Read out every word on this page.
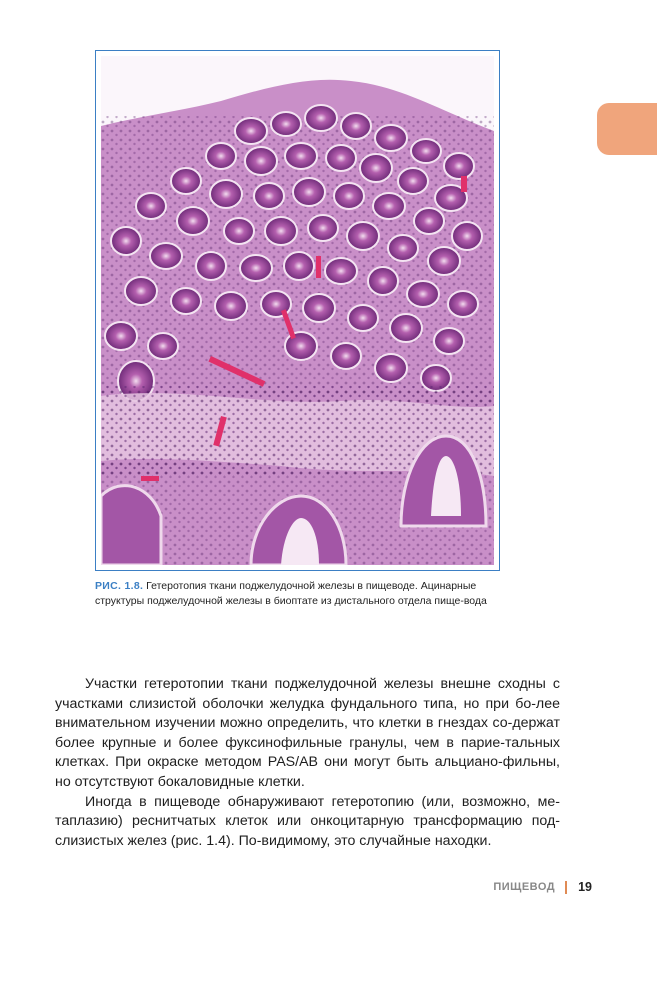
РИС. 1.8. Гетеротопия ткани поджелудочной железы в пищеводе. Ацинарные структуры поджелудочной железы в биоптате из дистального отдела пище-вода

Участки гетеротопии ткани поджелудочной железы внешне сходны с участками слизистой оболочки желудка фундального типа, но при бо-лее внимательном изучении можно определить, что клетки в гнездах со-держат более крупные и более фуксинофильные гранулы, чем в парие-тальных клетках. При окраске методом PAS/AB они могут быть альциано-фильны, но отсутствуют бокаловидные клетки.

Иногда в пищеводе обнаруживают гетеротопию (или, возможно, ме-таплазию) реснитчатых клеток или онкоцитарную трансформацию под-слизистых желез (рис. 1.4). По-видимому, это случайные находки.

ПИЩЕВОД 19
